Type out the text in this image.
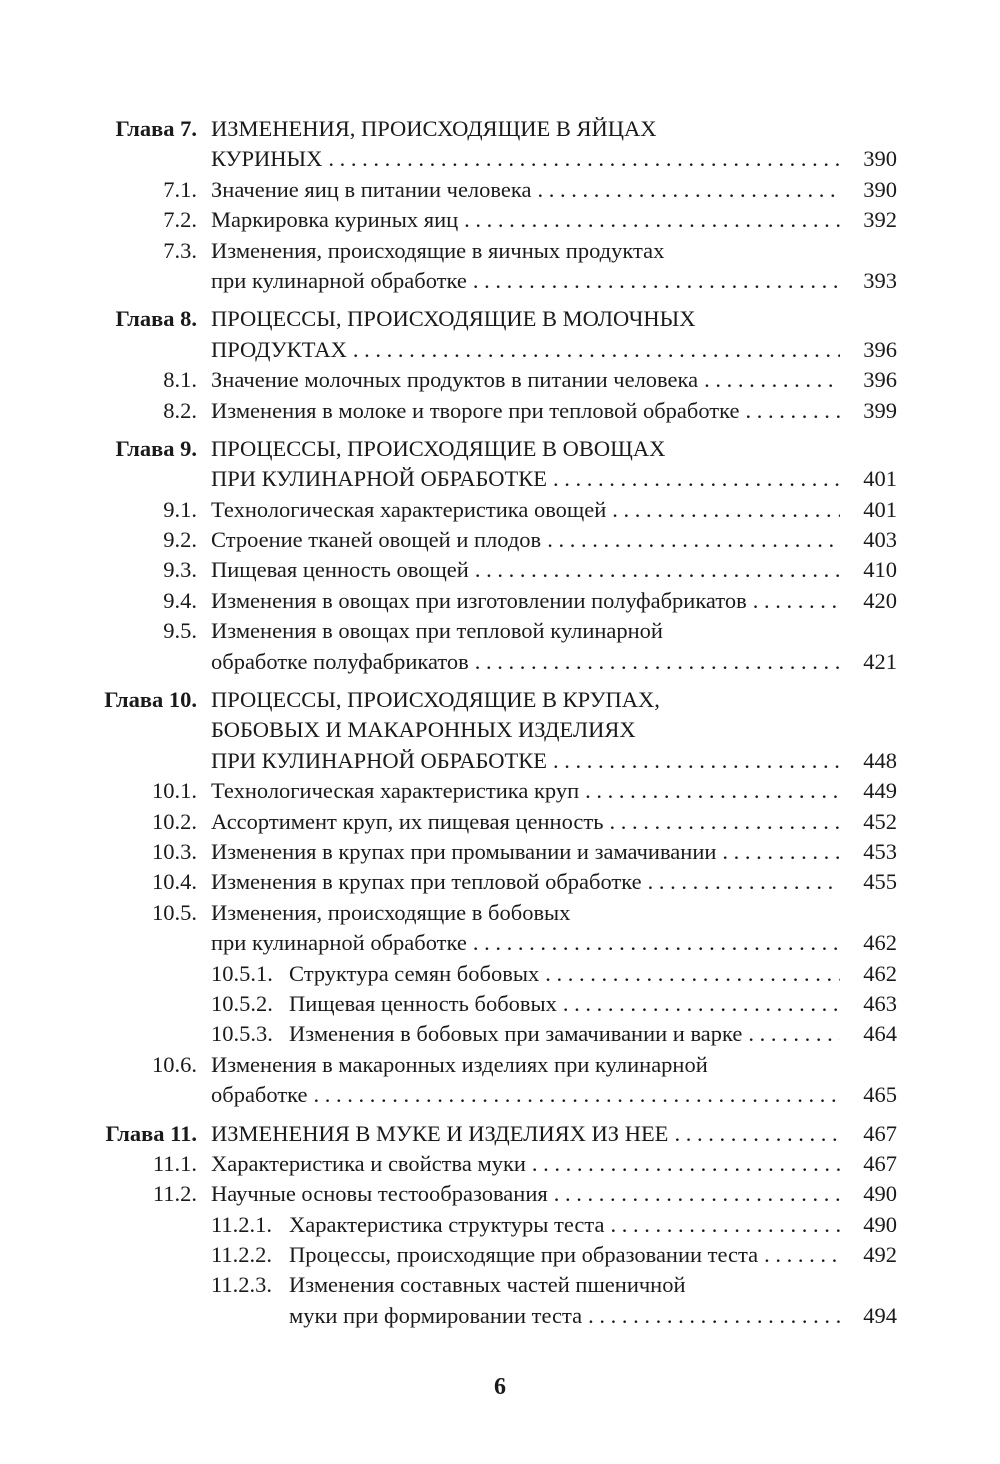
Глава 7. ИЗМЕНЕНИЯ, ПРОИСХОДЯЩИЕ В ЯЙЦАХ
КУРИНЫХ . . .	390
7.1. Значение яиц в питании человека . . .	390
7.2. Маркировка куриных яиц . . .	392
7.3. Изменения, происходящие в яичных продуктах
при кулинарной обработке . . .	393
Глава 8. ПРОЦЕССЫ, ПРОИСХОДЯЩИЕ В МОЛОЧНЫХ
ПРОДУКТАХ . . .	396
8.1. Значение молочных продуктов в питании человека . . .	396
8.2. Изменения в молоке и твороге при тепловой обработке . . .	399
Глава 9. ПРОЦЕССЫ, ПРОИСХОДЯЩИЕ В ОВОЩАХ
ПРИ КУЛИНАРНОЙ ОБРАБОТКЕ . . .	401
9.1. Технологическая характеристика овощей . . .	401
9.2. Строение тканей овощей и плодов . . .	403
9.3. Пищевая ценность овощей . . .	410
9.4. Изменения в овощах при изготовлении полуфабрикатов . . .	420
9.5. Изменения в овощах при тепловой кулинарной
обработке полуфабрикатов . . .	421
Глава 10. ПРОЦЕССЫ, ПРОИСХОДЯЩИЕ В КРУПАХ,
БОБОВЫХ И МАКАРОННЫХ ИЗДЕЛИЯХ
ПРИ КУЛИНАРНОЙ ОБРАБОТКЕ . . .	448
10.1. Технологическая характеристика круп . . .	449
10.2. Ассортимент круп, их пищевая ценность . . .	452
10.3. Изменения в крупах при промывании и замачивании . . .	453
10.4. Изменения в крупах при тепловой обработке . . .	455
10.5. Изменения, происходящие в бобовых
при кулинарной обработке . . .	462
10.5.1. Структура семян бобовых . . .	462
10.5.2. Пищевая ценность бобовых . . .	463
10.5.3. Изменения в бобовых при замачивании и варке . . .	464
10.6. Изменения в макаронных изделиях при кулинарной
обработке . . .	465
Глава 11. ИЗМЕНЕНИЯ В МУКЕ И ИЗДЕЛИЯХ ИЗ НЕЕ . . .	467
11.1. Характеристика и свойства муки . . .	467
11.2. Научные основы тестообразования . . .	490
11.2.1. Характеристика структуры теста . . .	490
11.2.2. Процессы, происходящие при образовании теста . . .	492
11.2.3. Изменения составных частей пшеничной
муки при формировании теста . . .	494
6
